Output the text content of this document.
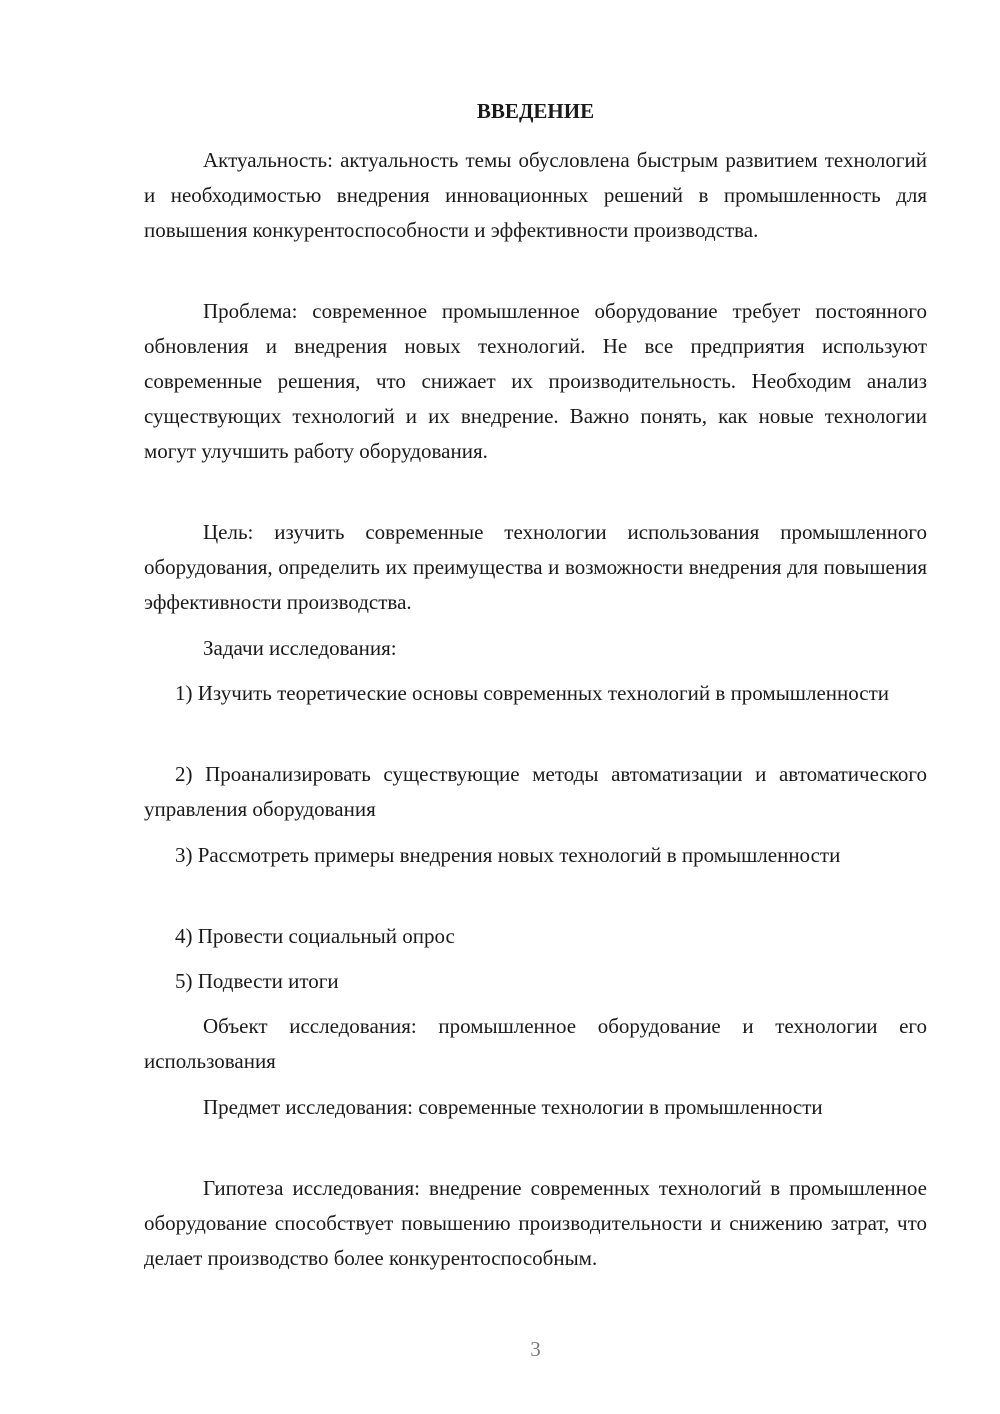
ВВЕДЕНИЕ

Актуальность: актуальность темы обусловлена быстрым развитием технологий и необходимостью внедрения инновационных решений в промышленность для повышения конкурентоспособности и эффективности производства.

Проблема: современное промышленное оборудование требует постоянного обновления и внедрения новых технологий. Не все предприятия используют современные решения, что снижает их производительность. Необходим анализ существующих технологий и их внедрение. Важно понять, как новые технологии могут улучшить работу оборудования.

Цель: изучить современные технологии использования промышленного оборудования, определить их преимущества и возможности внедрения для повышения эффективности производства.

Задачи исследования:

1) Изучить теоретические основы современных технологий в промышленности

2) Проанализировать существующие методы автоматизации и автоматического управления оборудования

3) Рассмотреть примеры внедрения новых технологий в промышленности

4) Провести социальный опрос

5) Подвести итоги

Объект исследования: промышленное оборудование и технологии его использования

Предмет исследования: современные технологии в промышленности

Гипотеза исследования: внедрение современных технологий в промышленное оборудование способствует повышению производительности и снижению затрат, что делает производство более конкурентоспособным.

3
